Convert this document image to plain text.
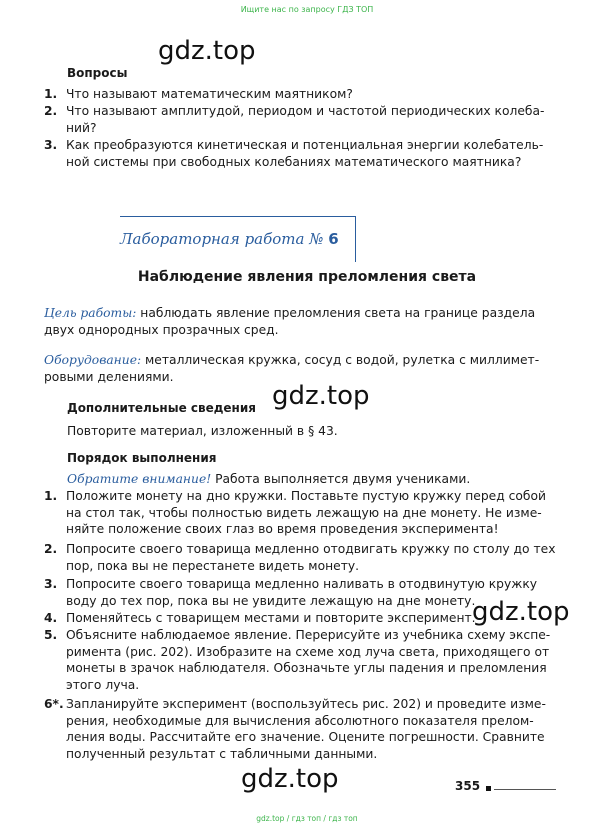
Ищите нас по запросу ГДЗ ТОП
gdz.top
gdz.top
gdz.top
gdz.top
Вопросы
1. Что называют математическим маятником?
2. Что называют амплитудой, периодом и частотой периодических колеба-ний?
3. Как преобразуются кинетическая и потенциальная энергии колебатель-ной системы при свободных колебаниях математического маятника?
Лабораторная работа № 6
Наблюдение явления преломления света
Цель работы: наблюдать явление преломления света на границе раздела двух однородных прозрачных сред.
Оборудование: металлическая кружка, сосуд с водой, рулетка с миллимет-ровыми делениями.
Дополнительные сведения
Повторите материал, изложенный в § 43.
Порядок выполнения
Обратите внимание! Работа выполняется двумя учениками.
1. Положите монету на дно кружки. Поставьте пустую кружку перед собой на стол так, чтобы полностью видеть лежащую на дне монету. Не изме-няйте положение своих глаз во время проведения эксперимента!
2. Попросите своего товарища медленно отодвигать кружку по столу до тех пор, пока вы не перестанете видеть монету.
3. Попросите своего товарища медленно наливать в отодвинутую кружку воду до тех пор, пока вы не увидите лежащую на дне монету.
4. Поменяйтесь с товарищем местами и повторите эксперимент.
5. Объясните наблюдаемое явление. Перерисуйте из учебника схему экспе-римента (рис. 202). Изобразите на схеме ход луча света, приходящего от монеты в зрачок наблюдателя. Обозначьте углы падения и преломления этого луча.
6*. Запланируйте эксперимент (воспользуйтесь рис. 202) и проведите изме-рения, необходимые для вычисления абсолютного показателя прелом-ления воды. Рассчитайте его значение. Оцените погрешности. Сравните полученный результат с табличными данными.
355
gdz.top / гдз топ / гдз топ
